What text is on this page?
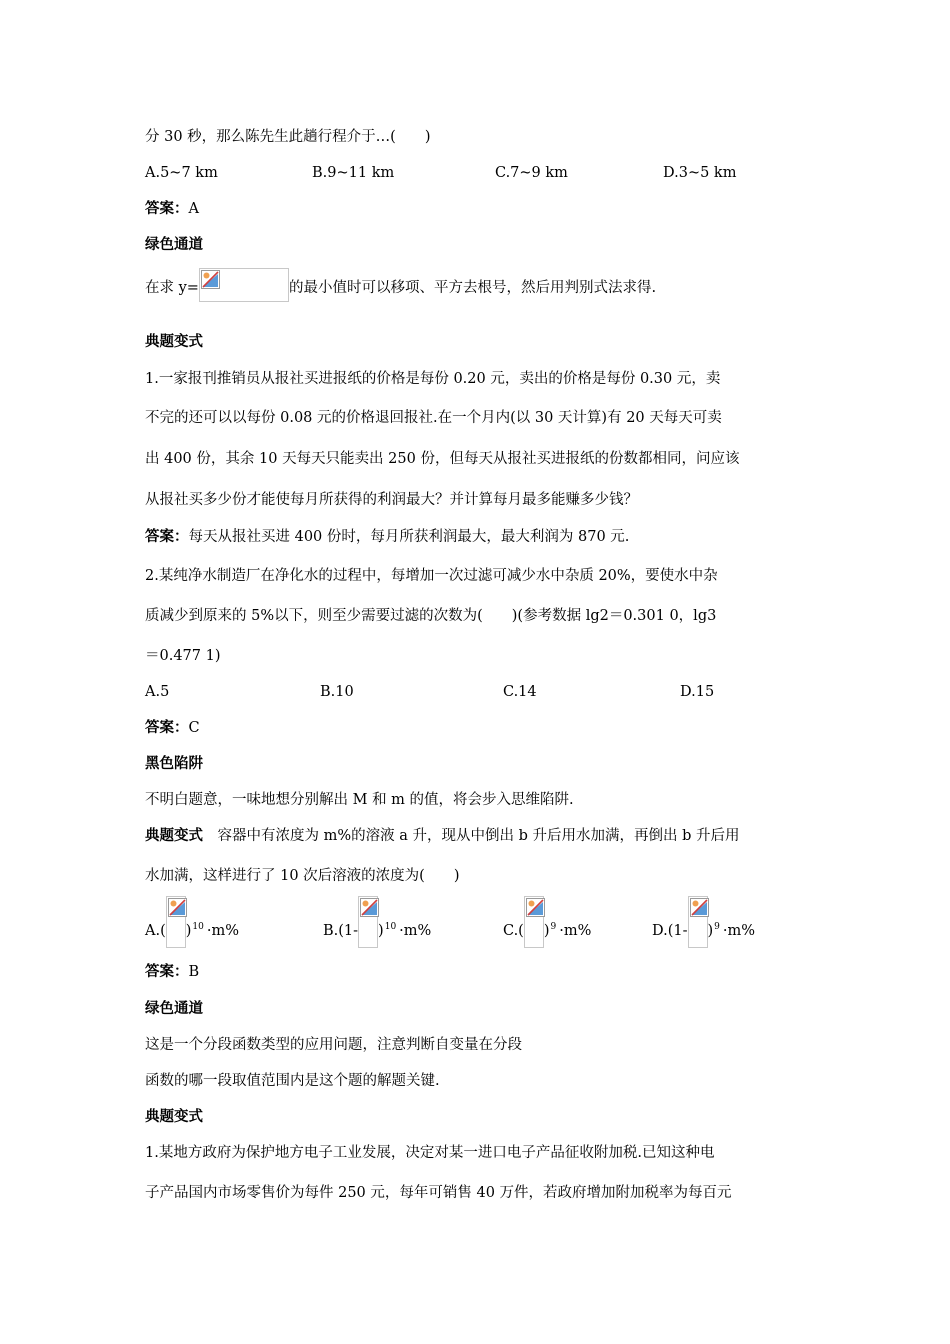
分 30 秒，那么陈先生此趟行程介于…(　　)
A.5~7 km	B.9~11 km	C.7~9 km	D.3~5 km
答案：A
绿色通道
在求 y=	的最小值时可以移项、平方去根号，然后用判别式法求得.
典题变式
1.一家报刊推销员从报社买进报纸的价格是每份 0.20 元，卖出的价格是每份 0.30 元，卖
不完的还可以以每份 0.08 元的价格退回报社.在一个月内(以 30 天计算)有 20 天每天可卖
出 400 份，其余 10 天每天只能卖出 250 份，但每天从报社买进报纸的份数都相同，问应该
从报社买多少份才能使每月所获得的利润最大？并计算每月最多能赚多少钱？
答案：每天从报社买进 400 份时，每月所获利润最大，最大利润为 870 元.
2.某纯净水制造厂在净化水的过程中，每增加一次过滤可减少水中杂质 20%，要使水中杂
质减少到原来的 5%以下，则至少需要过滤的次数为(　　)(参考数据 lg2＝0.301 0，lg3
＝0.477 1)
A.5	B.10	C.14	D.15
答案：C
黑色陷阱
不明白题意，一味地想分别解出 M 和 m 的值，将会步入思维陷阱.
典题变式　容器中有浓度为 m%的溶液 a 升，现从中倒出 b 升后用水加满，再倒出 b 升后用
水加满，这样进行了 10 次后溶液的浓度为(　　)
A.( )$^{10}$ ·m%	B.(1- )$^{10}$ ·m%	C.( )$^9$ ·m%	D.(1- )$^9$ ·m%
答案：B
绿色通道
这是一个分段函数类型的应用问题，注意判断自变量在分段
函数的哪一段取值范围内是这个题的解题关键.
典题变式
1.某地方政府为保护地方电子工业发展，决定对某一进口电子产品征收附加税.已知这种电
子产品国内市场零售价为每件 250 元，每年可销售 40 万件，若政府增加附加税率为每百元
